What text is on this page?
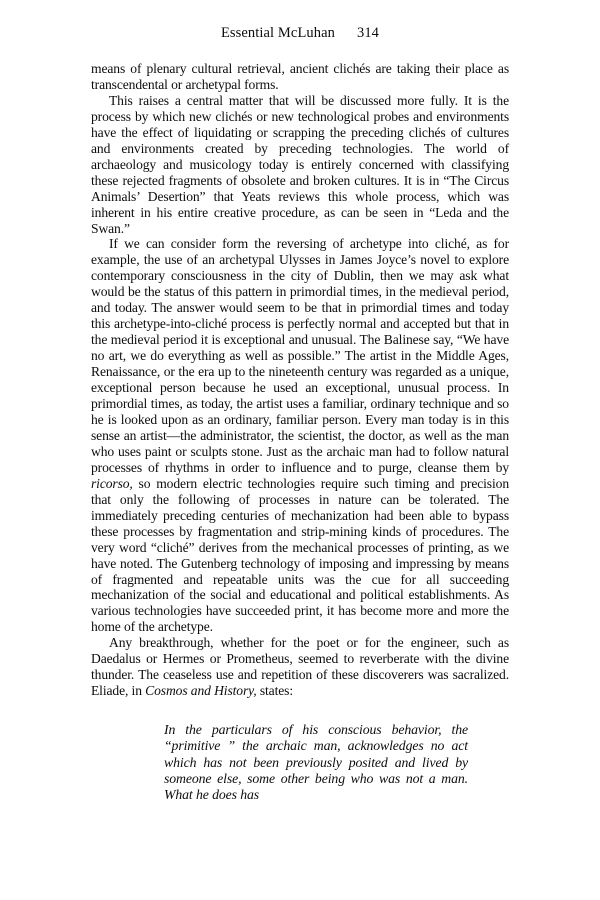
Essential McLuhan 314

means of plenary cultural retrieval, ancient clichés are taking their place as transcendental or archetypal forms.

This raises a central matter that will be discussed more fully. It is the process by which new clichés or new technological probes and environments have the effect of liquidating or scrapping the preceding clichés of cultures and environments created by preceding technologies. The world of archaeology and musicology today is entirely concerned with classifying these rejected fragments of obsolete and broken cultures. It is in “The Circus Animals’ Desertion” that Yeats reviews this whole process, which was inherent in his entire creative procedure, as can be seen in “Leda and the Swan.”

If we can consider form the reversing of archetype into cliché, as for example, the use of an archetypal Ulysses in James Joyce’s novel to explore contemporary consciousness in the city of Dublin, then we may ask what would be the status of this pattern in primordial times, in the medieval period, and today. The answer would seem to be that in primordial times and today this archetype-into-cliché process is perfectly normal and accepted but that in the medieval period it is exceptional and unusual. The Balinese say, “We have no art, we do everything as well as possible.” The artist in the Middle Ages, Renaissance, or the era up to the nineteenth century was regarded as a unique, exceptional person because he used an exceptional, unusual process. In primordial times, as today, the artist uses a familiar, ordinary technique and so he is looked upon as an ordinary, familiar person. Every man today is in this sense an artist—the administrator, the scientist, the doctor, as well as the man who uses paint or sculpts stone. Just as the archaic man had to follow natural processes of rhythms in order to influence and to purge, cleanse them by ricorso, so modern electric technologies require such timing and precision that only the following of processes in nature can be tolerated. The immediately preceding centuries of mechanization had been able to bypass these processes by fragmentation and strip-mining kinds of procedures. The very word “cliché” derives from the mechanical processes of printing, as we have noted. The Gutenberg technology of imposing and impressing by means of fragmented and repeatable units was the cue for all succeeding mechanization of the social and educational and political establishments. As various technologies have succeeded print, it has become more and more the home of the archetype.

Any breakthrough, whether for the poet or for the engineer, such as Daedalus or Hermes or Prometheus, seemed to reverberate with the divine thunder. The ceaseless use and repetition of these discoverers was sacralized. Eliade, in Cosmos and History, states:

In the particulars of his conscious behavior, the “primitive ” the archaic man, acknowledges no act which has not been previously posited and lived by someone else, some other being who was not a man. What he does has
